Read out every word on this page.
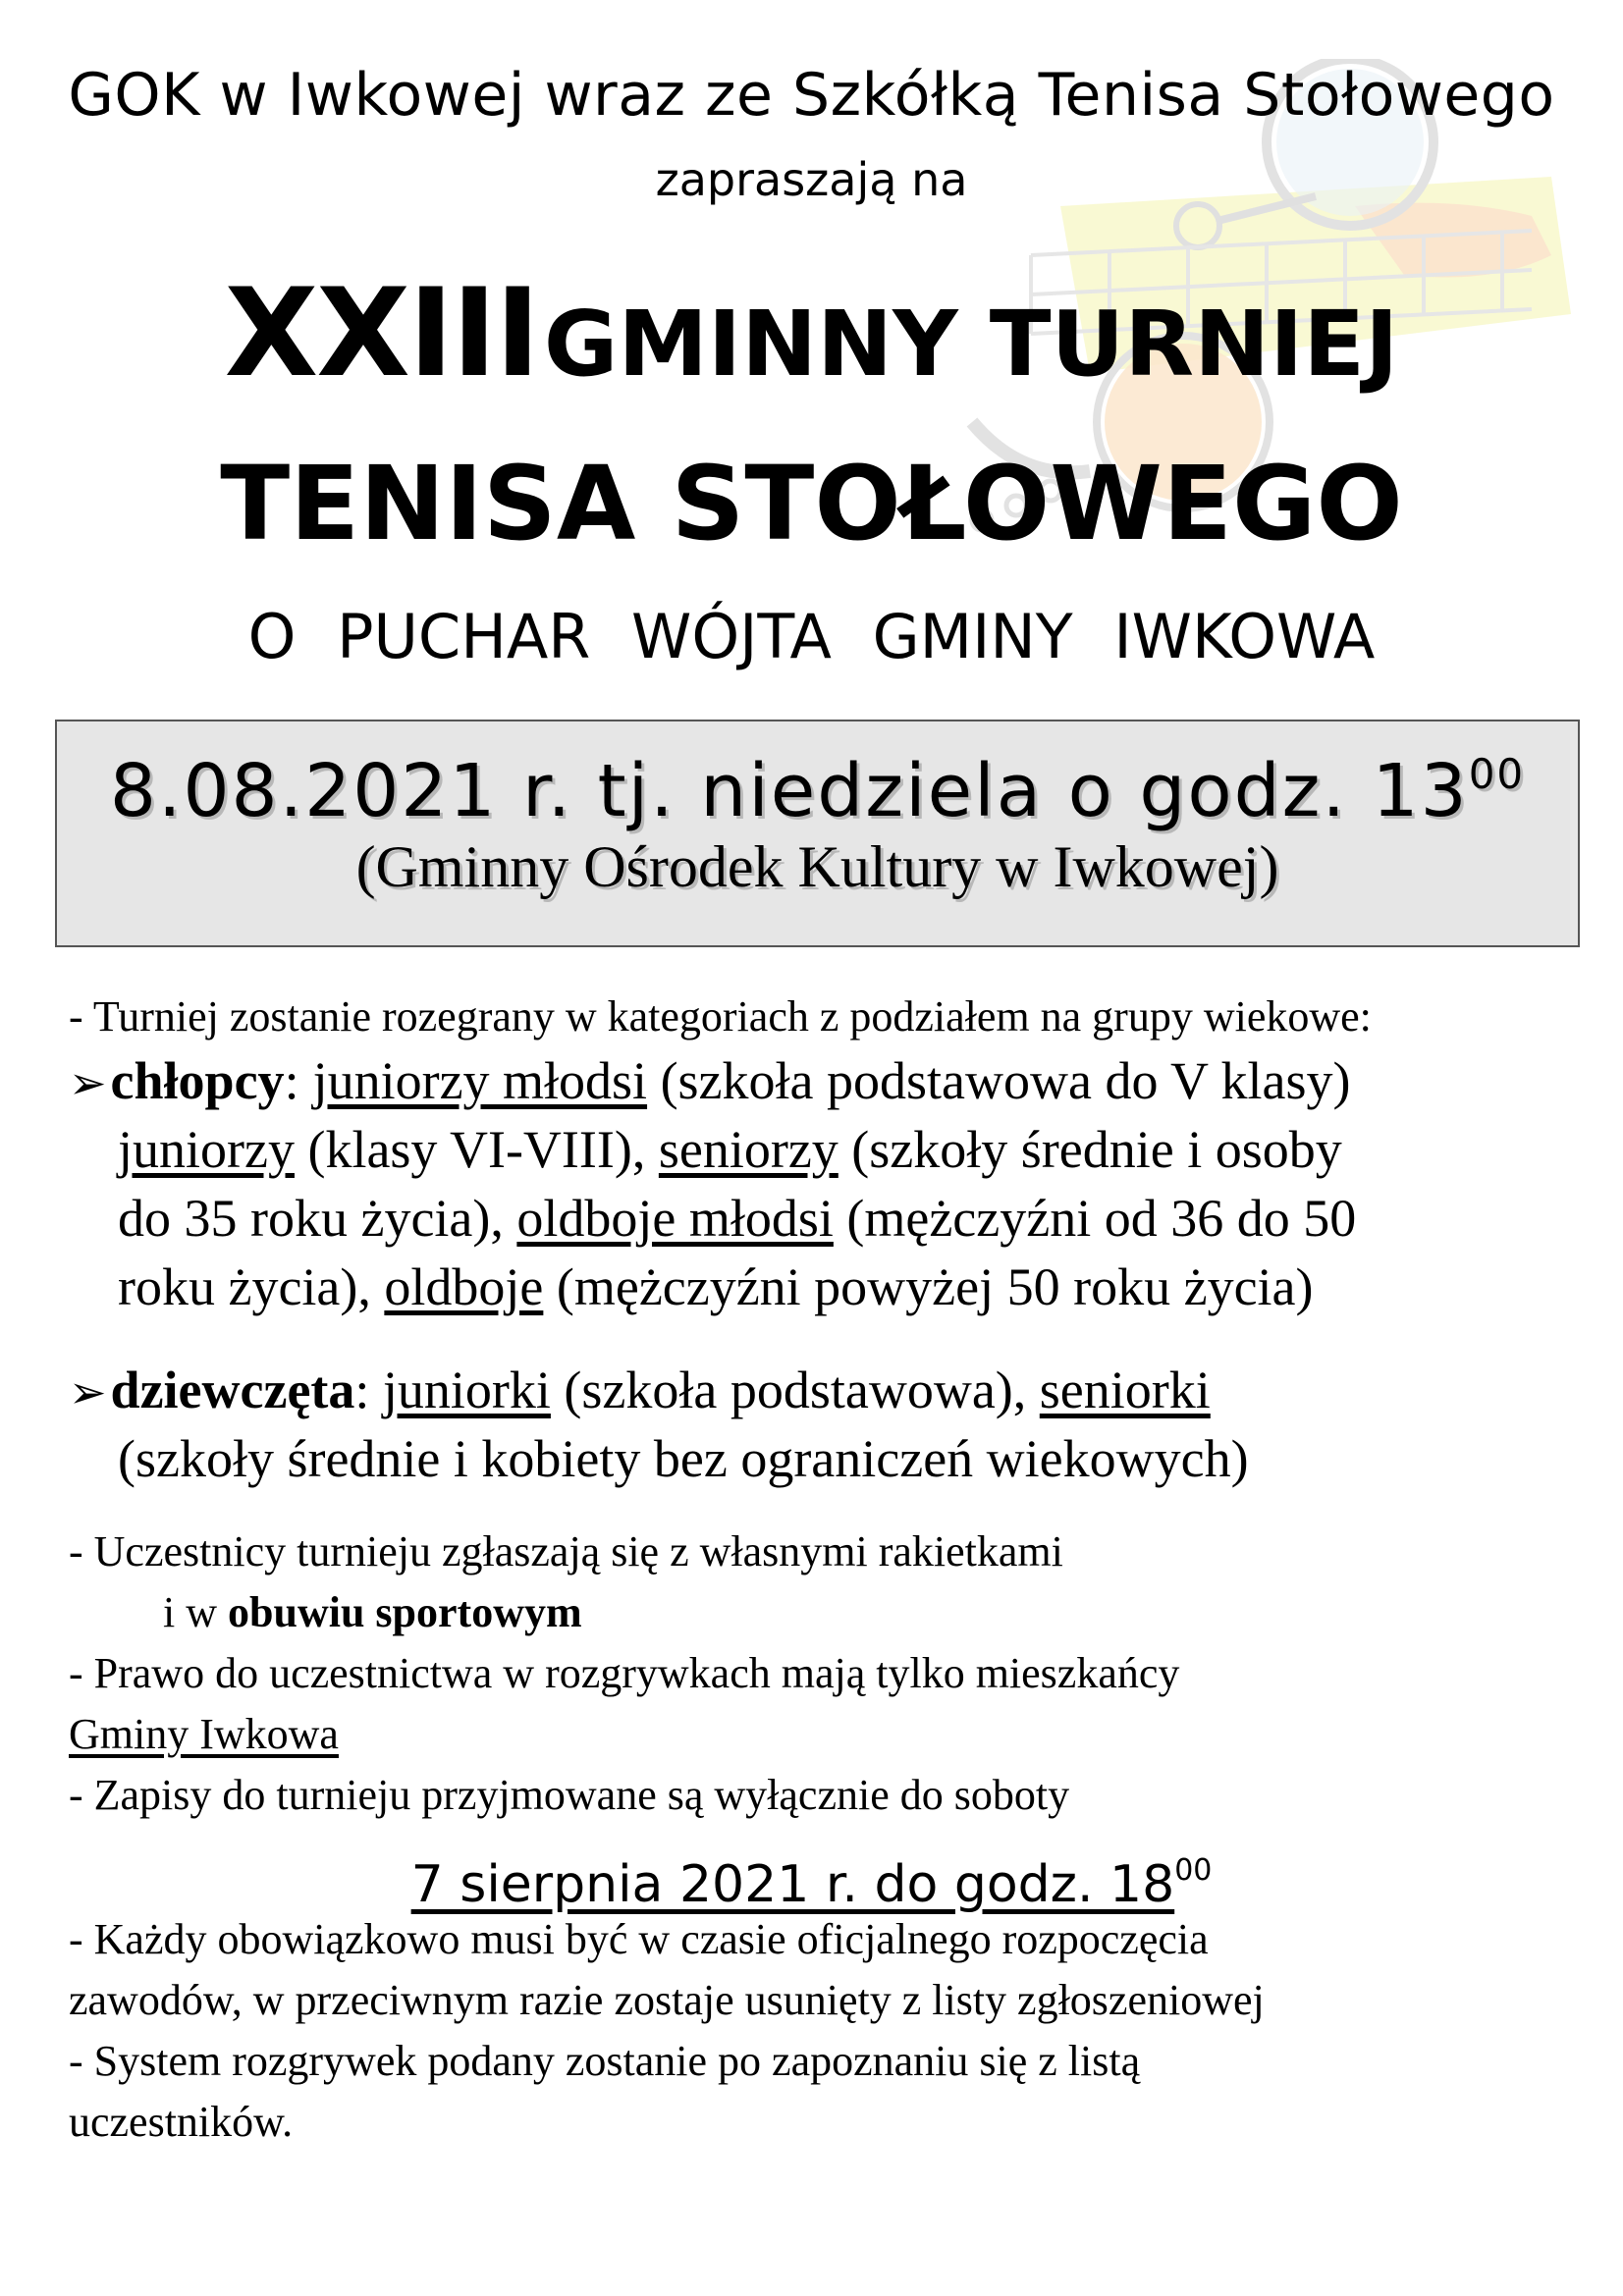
GOK w Iwkowej wraz ze Szkółką Tenisa Stołowego
zapraszają na
XXIII GMINNY TURNIEJ
TENISA STOŁOWEGO
O PUCHAR WÓJTA GMINY IWKOWA
8.08.2021 r. tj. niedziela o godz. $13^{00}$
(Gminny Ośrodek Kultury w Iwkowej)
- Turniej zostanie rozegrany w kategoriach z podziałem na grupy wiekowe:
➢chłopcy: juniorzy młodsi (szkoła podstawowa do V klasy)
juniorzy (klasy VI-VIII), seniorzy (szkoły średnie i osoby
do 35 roku życia), oldboje młodsi (mężczyźni od 36 do 50
roku życia), oldboje (mężczyźni powyżej 50 roku życia)
➢dziewczęta: juniorki (szkoła podstawowa), seniorki
(szkoły średnie i kobiety bez ograniczeń wiekowych)
- Uczestnicy turnieju zgłaszają się z własnymi rakietkami
i w obuwiu sportowym
- Prawo do uczestnictwa w rozgrywkach mają tylko mieszkańcy
Gminy Iwkowa
- Zapisy do turnieju przyjmowane są wyłącznie do soboty
7 sierpnia 2021 r. do godz. $18^{00}$
- Każdy obowiązkowo musi być w czasie oficjalnego rozpoczęcia
zawodów, w przeciwnym razie zostaje usunięty z listy zgłoszeniowej
- System rozgrywek podany zostanie po zapoznaniu się z listą
uczestników.
